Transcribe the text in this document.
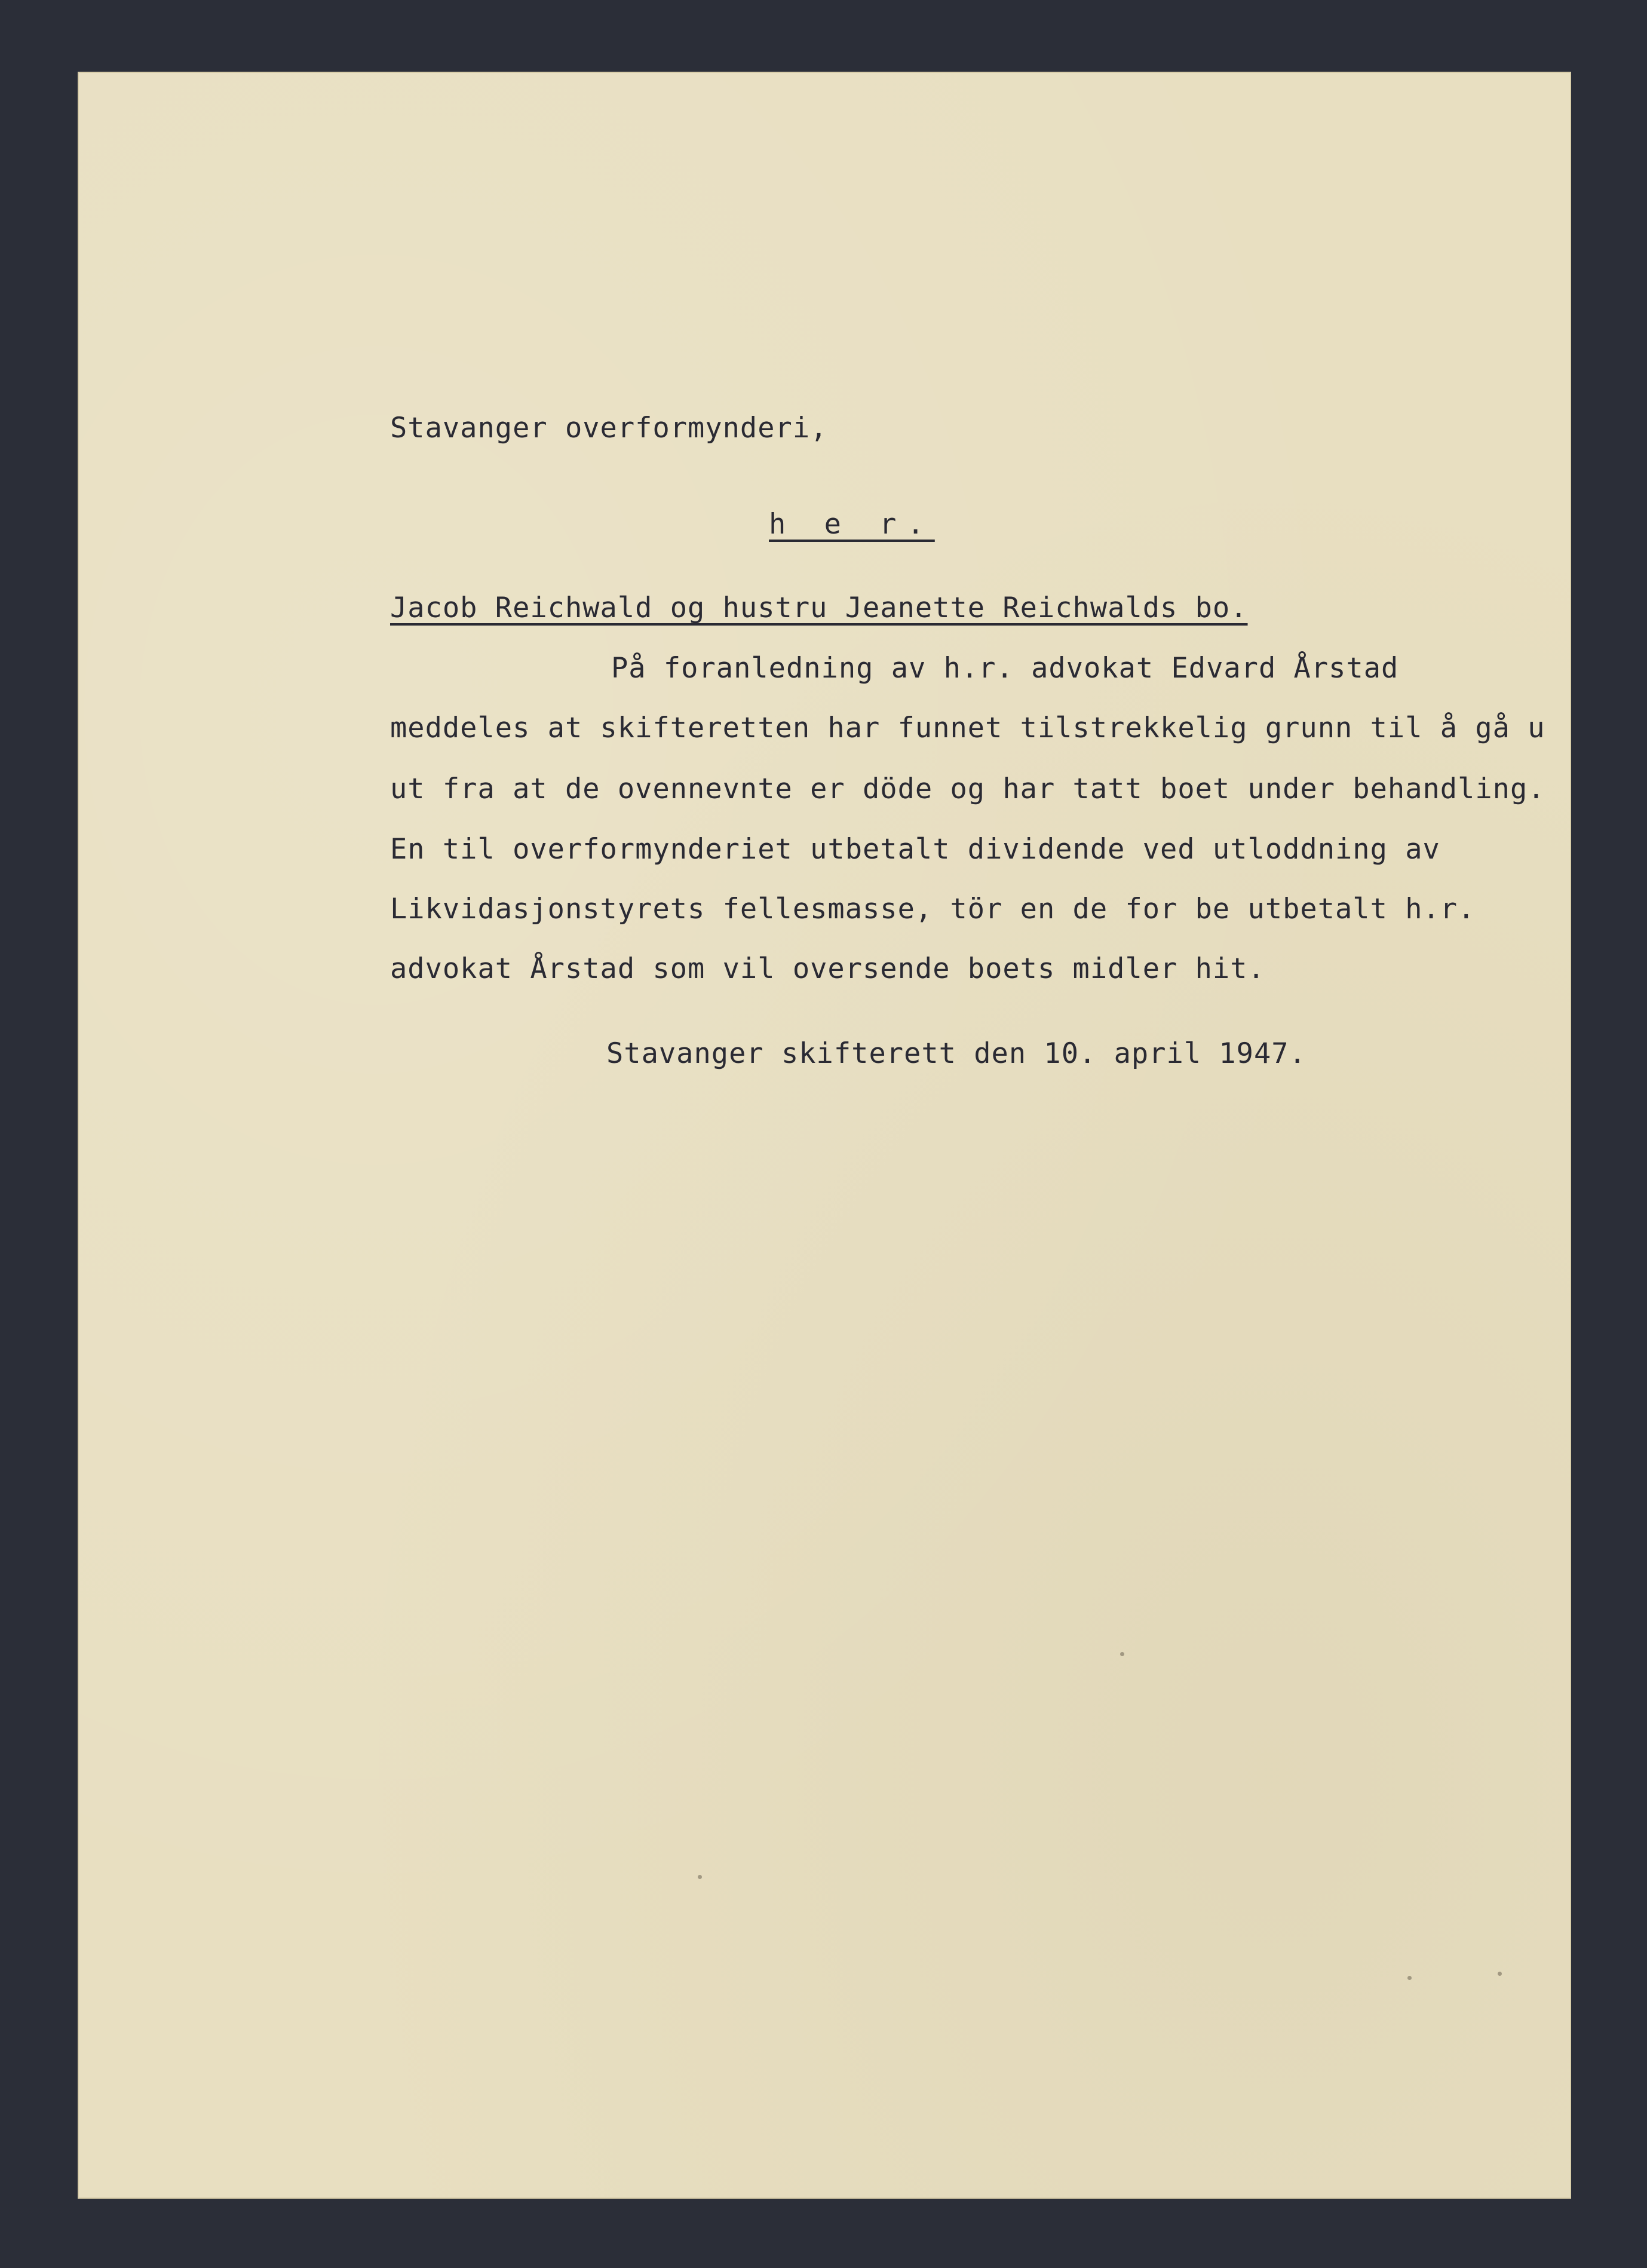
Stavanger overformynderi,
h e r.
Jacob Reichwald og hustru Jeanette Reichwalds bo.
På foranledning av h.r. advokat Edvard Årstad
meddeles at skifteretten har funnet tilstrekkelig grunn til å gå u
ut fra at de ovennevnte er döde og har tatt boet under behandling.
En til overformynderiet utbetalt dividende ved utloddning av
Likvidasjonstyrets fellesmasse, tör en de for be utbetalt h.r.
advokat Årstad som vil oversende boets midler hit.
Stavanger skifterett den 10. april 1947.
